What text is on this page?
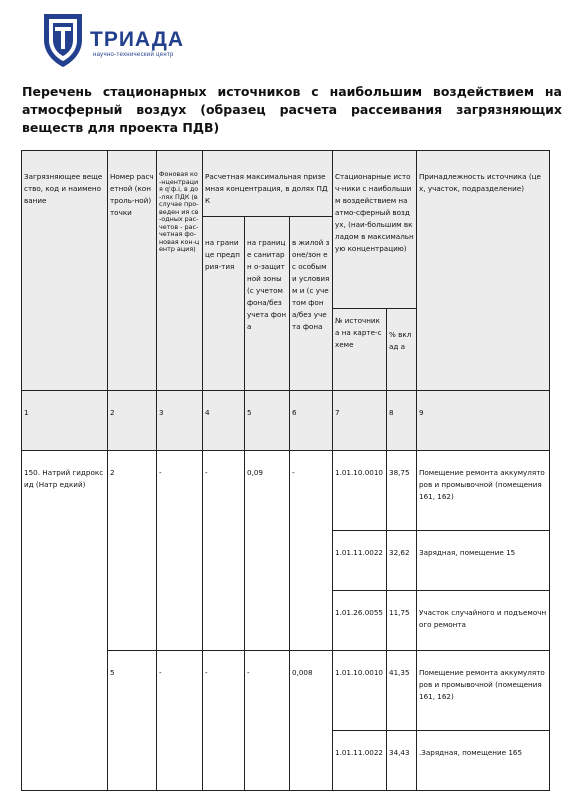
ТРИАДА
научно-технический центр
Перечень стационарных источников с наибольшим воздействием на атмосферный воздух (образец расчета рассеивания загрязняющих веществ для проекта ПДВ)
Загрязняющее вещество, код и наименование	Номер расчетной (контроль-ной) точки	Фоновая ко-нцентрация q'ф.i, в до-лях ПДК (в случае про-веден ия св-одных рас-четов - рас-четная фо-новая кон-центр ация)	Расчетная максимальная приземная концентрация, в долях ПДК			Стационарные источ-ники с наибольшим воздействием на атмо-сферный воздух, (наи-большим вкладом в максимальную концентрацию)		Принадлежность источника (цех, участок, подразделение)
			на границе предприя-тия	на границе санитарн о-защитной зоны (с учетом фона/без учета фона	в жилой зоне/зон е с особыми условиям и (с учетом фона/без учета фона			
						№ источника на карте-схеме	% вклад а	
1	2	3	4	5	6	7	8	9
150. Натрий гидроксид (Натр едкий)	2	-	-	0,09	-	1.01.10.0010	38,75	Помещение ремонта аккумуляторов и промывочной (помещения 161, 162)
						1.01.11.0022	32,62	Зарядная, помещение 15
						1.01.26.0055	11,75	Участок случайного и подъемочного ремонта
	5	-	-	-	0,008	1.01.10.0010	41,35	Помещение ремонта аккумуляторов и промывочной (помещения 161, 162)
						1.01.11.0022	34,43	.Зарядная, помещение 165
